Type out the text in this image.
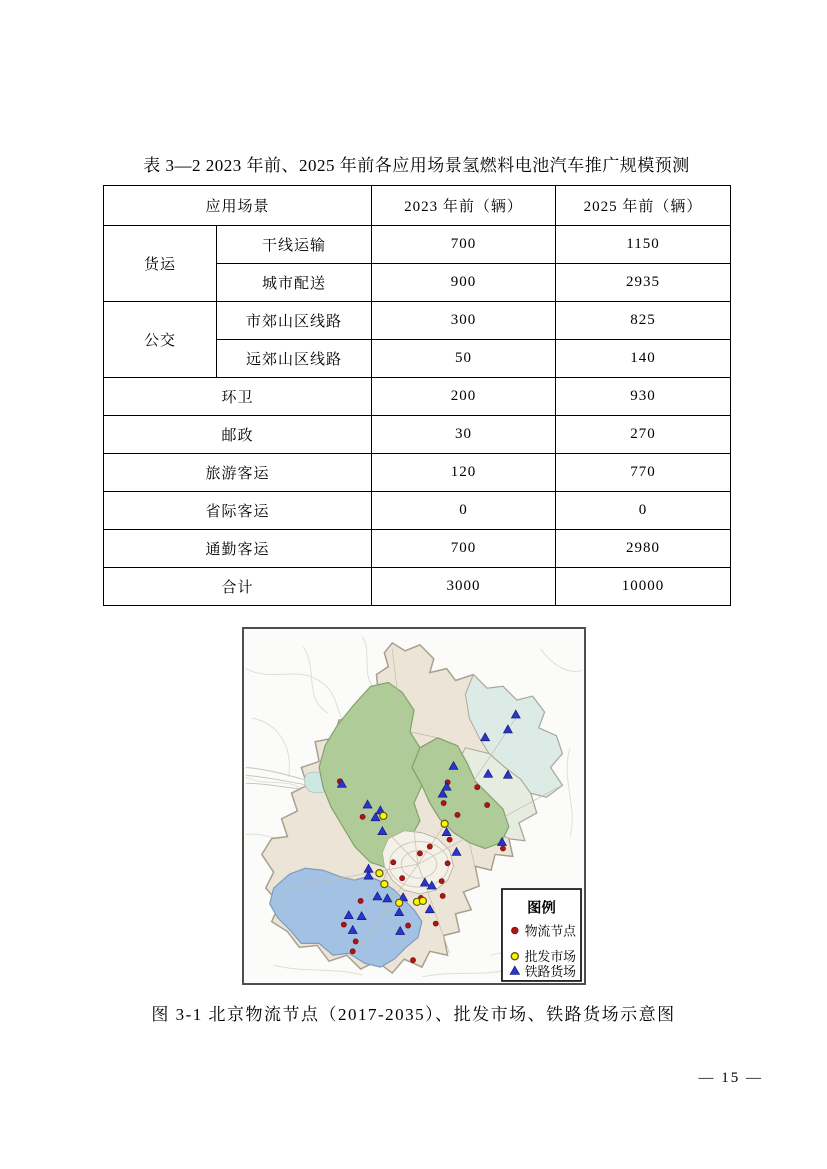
表 3—2 2023 年前、2025 年前各应用场景氢燃料电池汽车推广规模预测
应用场景		2023 年前（辆）	2025 年前（辆）
货运	干线运输	700	1150
	城市配送	900	2935
公交	市郊山区线路	300	825
	远郊山区线路	50	140
环卫		200	930
邮政		30	270
旅游客运		120	770
省际客运		0	0
通勤客运		700	2980
合计		3000	10000
图例
物流节点
批发市场
铁路货场
图 3-1 北京物流节点（2017-2035）、批发市场、铁路货场示意图
— 15 —
